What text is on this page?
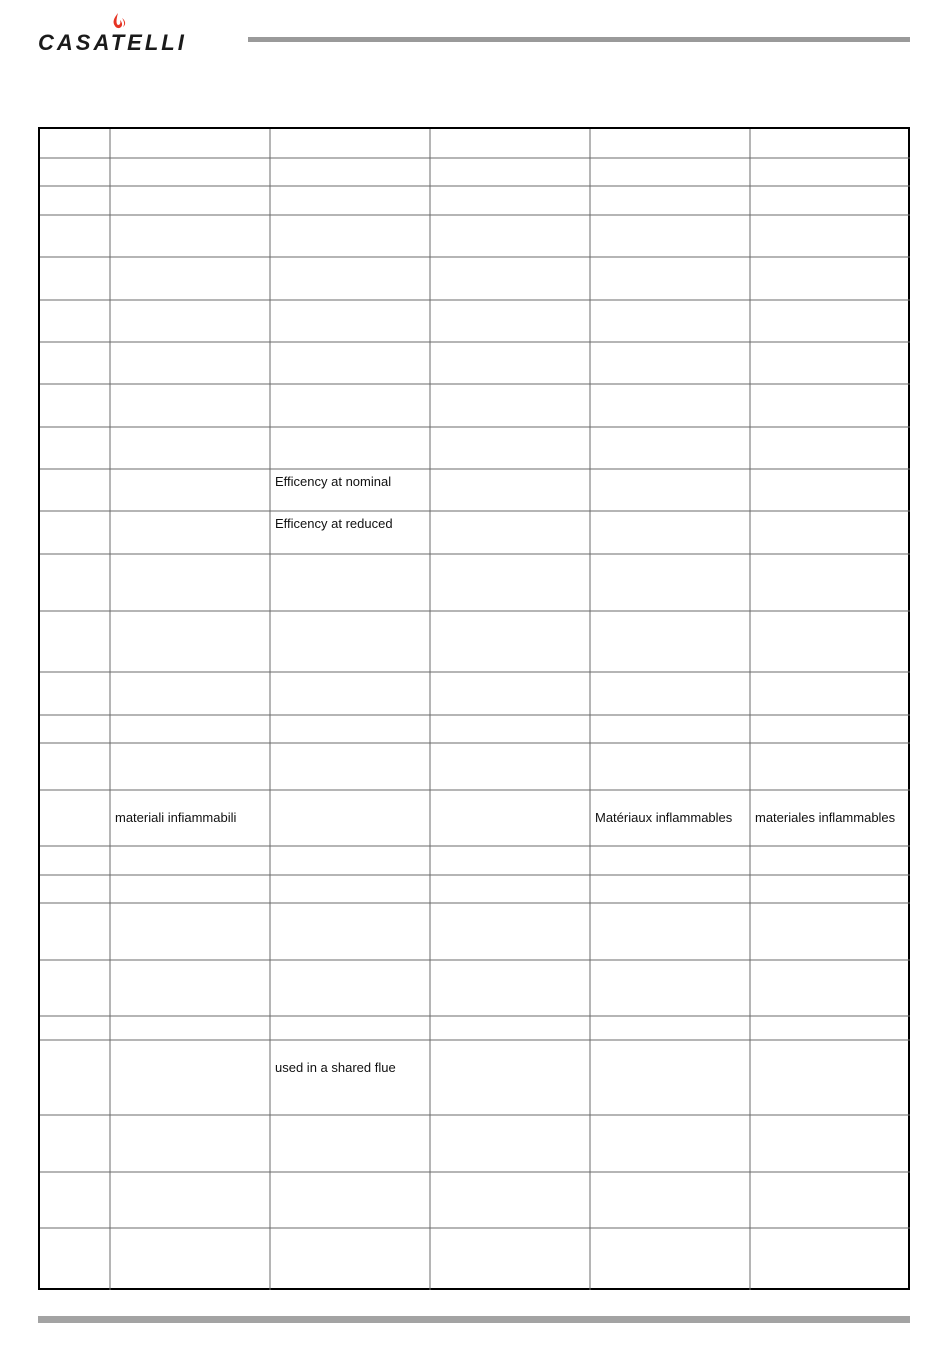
CASATELLI
Efficency at nominal
Efficency at reduced
materiali infiammabili	Matériaux inflammables materiales inflammables
used in a shared flue
